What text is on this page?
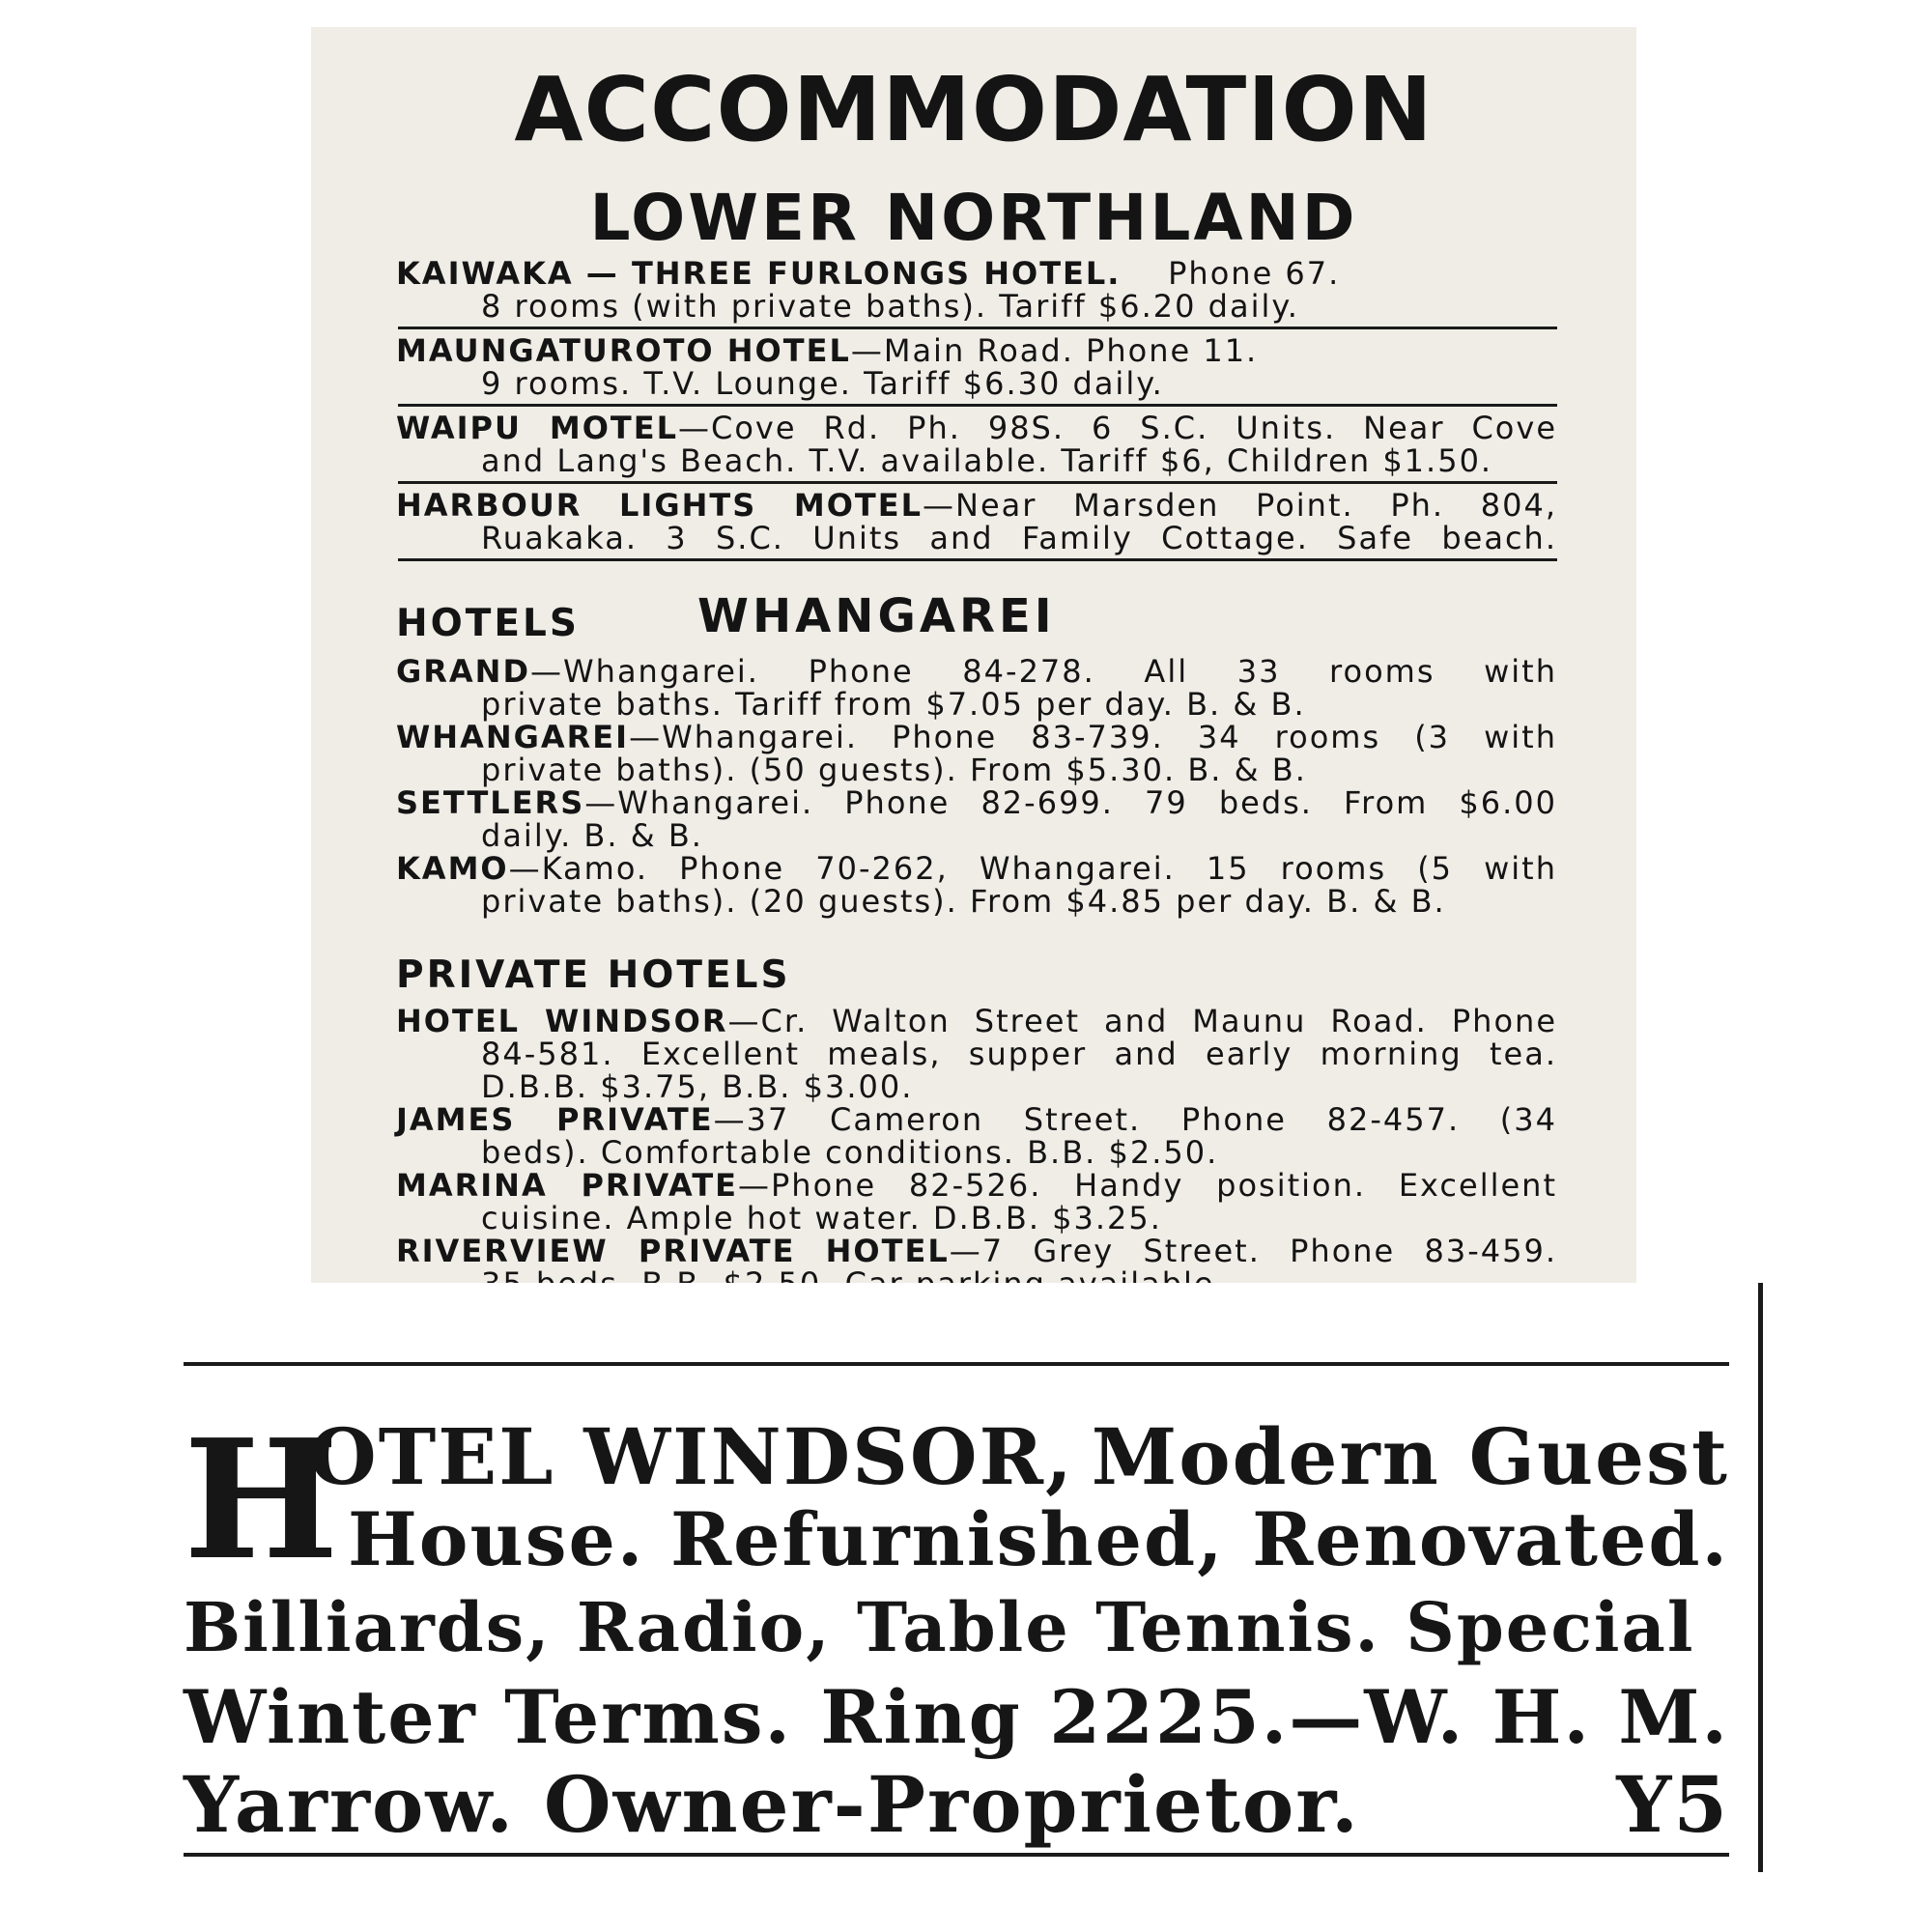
ACCOMMODATION
LOWER NORTHLAND
KAIWAKA — THREE FURLONGS HOTEL. Phone 67.
8 rooms (with private baths). Tariff $6.20 daily.
MAUNGATUROTO HOTEL—Main Road. Phone 11.
9 rooms. T.V. Lounge. Tariff $6.30 daily.
WAIPU MOTEL—Cove Rd. Ph. 98S. 6 S.C. Units. Near Cove
and Lang's Beach. T.V. available. Tariff $6, Children $1.50.
HARBOUR LIGHTS MOTEL—Near Marsden Point. Ph. 804,
Ruakaka. 3 S.C. Units and Family Cottage. Safe beach.
HOTELS	WHANGAREI
GRAND—Whangarei. Phone 84-278. All 33 rooms with
private baths. Tariff from $7.05 per day. B. & B.
WHANGAREI—Whangarei. Phone 83-739. 34 rooms (3 with
private baths). (50 guests). From $5.30. B. & B.
SETTLERS—Whangarei. Phone 82-699. 79 beds. From $6.00
daily. B. & B.
KAMO—Kamo. Phone 70-262, Whangarei. 15 rooms (5 with
private baths). (20 guests). From $4.85 per day. B. & B.
PRIVATE HOTELS
HOTEL WINDSOR—Cr. Walton Street and Maunu Road. Phone
84-581. Excellent meals, supper and early morning tea.
D.B.B. $3.75, B.B. $3.00.
JAMES PRIVATE—37 Cameron Street. Phone 82-457. (34
beds). Comfortable conditions. B.B. $2.50.
MARINA PRIVATE—Phone 82-526. Handy position. Excellent
cuisine. Ample hot water. D.B.B. $3.25.
RIVERVIEW PRIVATE HOTEL—7 Grey Street. Phone 83-459.
H
OTEL WINDSOR, Modern Guest
House. Refurnished, Renovated.
Billiards, Radio, Table Tennis. Special
Winter Terms. Ring 2225.—W. H. M.
Yarrow. Owner-Proprietor.	Y5
